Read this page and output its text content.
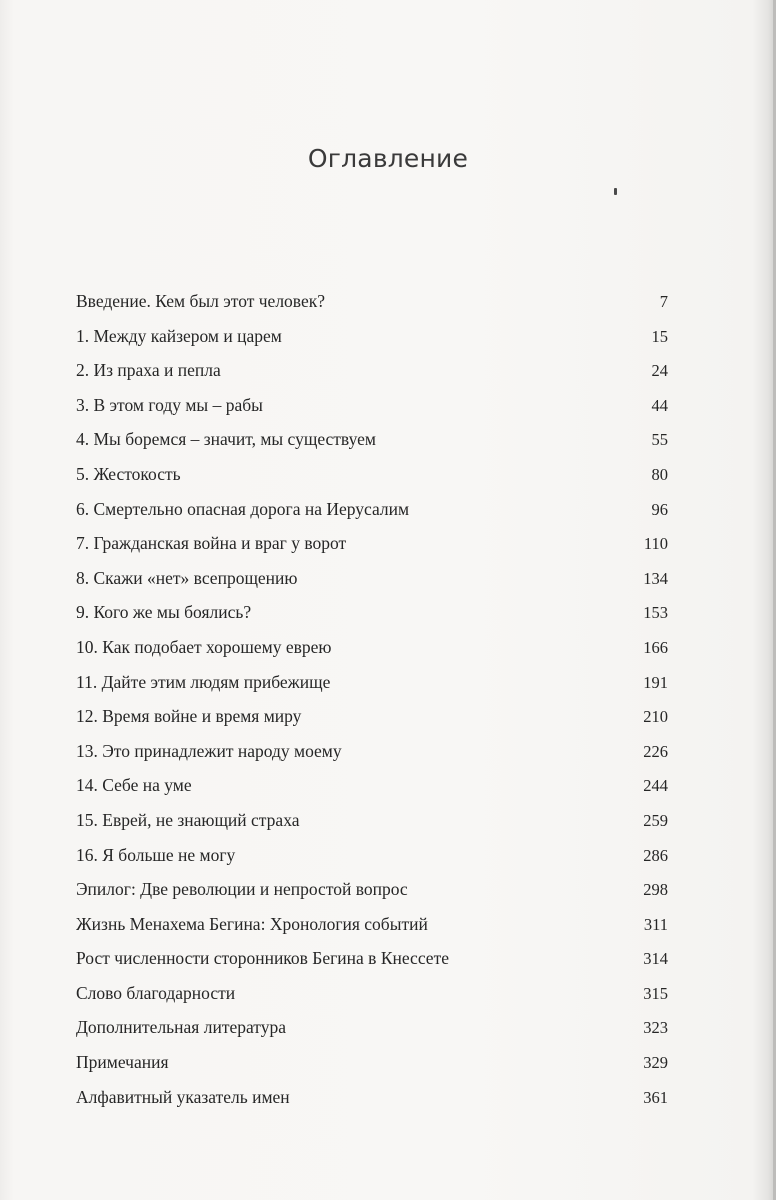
Оглавление
Введение. Кем был этот человек?	7
1. Между кайзером и царем	15
2. Из праха и пепла	24
3. В этом году мы – рабы	44
4. Мы боремся – значит, мы существуем	55
5. Жестокость	80
6. Смертельно опасная дорога на Иерусалим	96
7. Гражданская война и враг у ворот	110
8. Скажи «нет» всепрощению	134
9. Кого же мы боялись?	153
10. Как подобает хорошему еврею	166
11. Дайте этим людям прибежище	191
12. Время войне и время миру	210
13. Это принадлежит народу моему	226
14. Себе на уме	244
15. Еврей, не знающий страха	259
16. Я больше не могу	286
Эпилог: Две революции и непростой вопрос	298
Жизнь Менахема Бегина: Хронология событий	311
Рост численности сторонников Бегина в Кнессете	314
Слово благодарности	315
Дополнительная литература	323
Примечания	329
Алфавитный указатель имен	361
